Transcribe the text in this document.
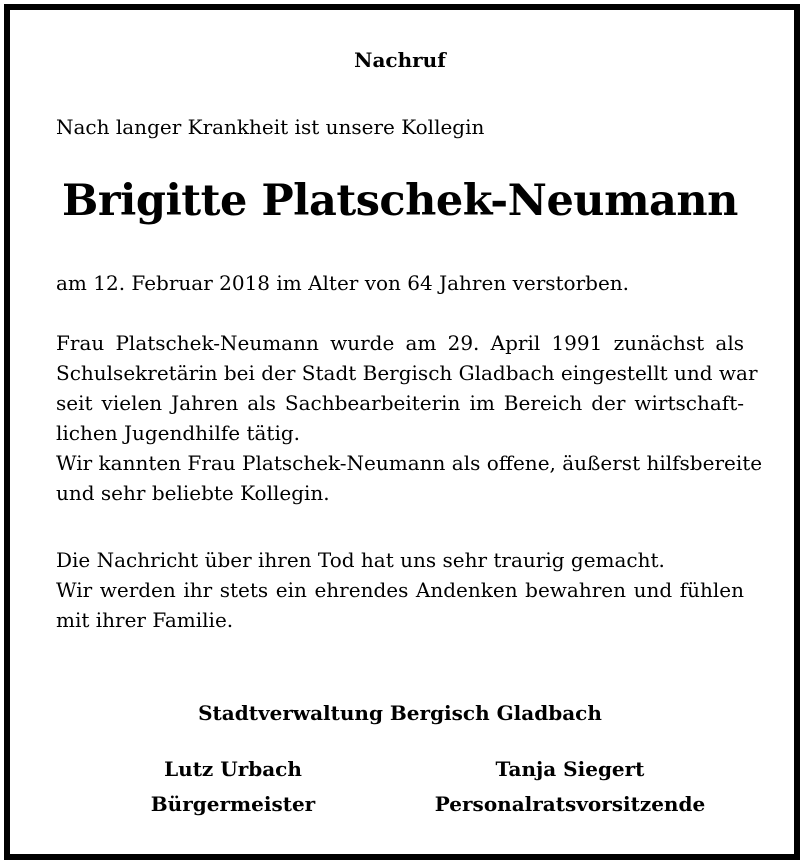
Nachruf
Nach langer Krankheit ist unsere Kollegin
Brigitte Platschek-Neumann
am 12. Februar 2018 im Alter von 64 Jahren verstorben.
Frau Platschek-Neumann wurde am 29. April 1991 zunächst als
Schulsekretärin bei der Stadt Bergisch Gladbach eingestellt und war
seit vielen Jahren als Sachbearbeiterin im Bereich der wirtschaft-
lichen Jugendhilfe tätig.
Wir kannten Frau Platschek-Neumann als offene, äußerst hilfsbereite
und sehr beliebte Kollegin.
Die Nachricht über ihren Tod hat uns sehr traurig gemacht.
Wir werden ihr stets ein ehrendes Andenken bewahren und fühlen
mit ihrer Familie.
Stadtverwaltung Bergisch Gladbach
Lutz Urbach
Bürgermeister
Tanja Siegert
Personalratsvorsitzende
